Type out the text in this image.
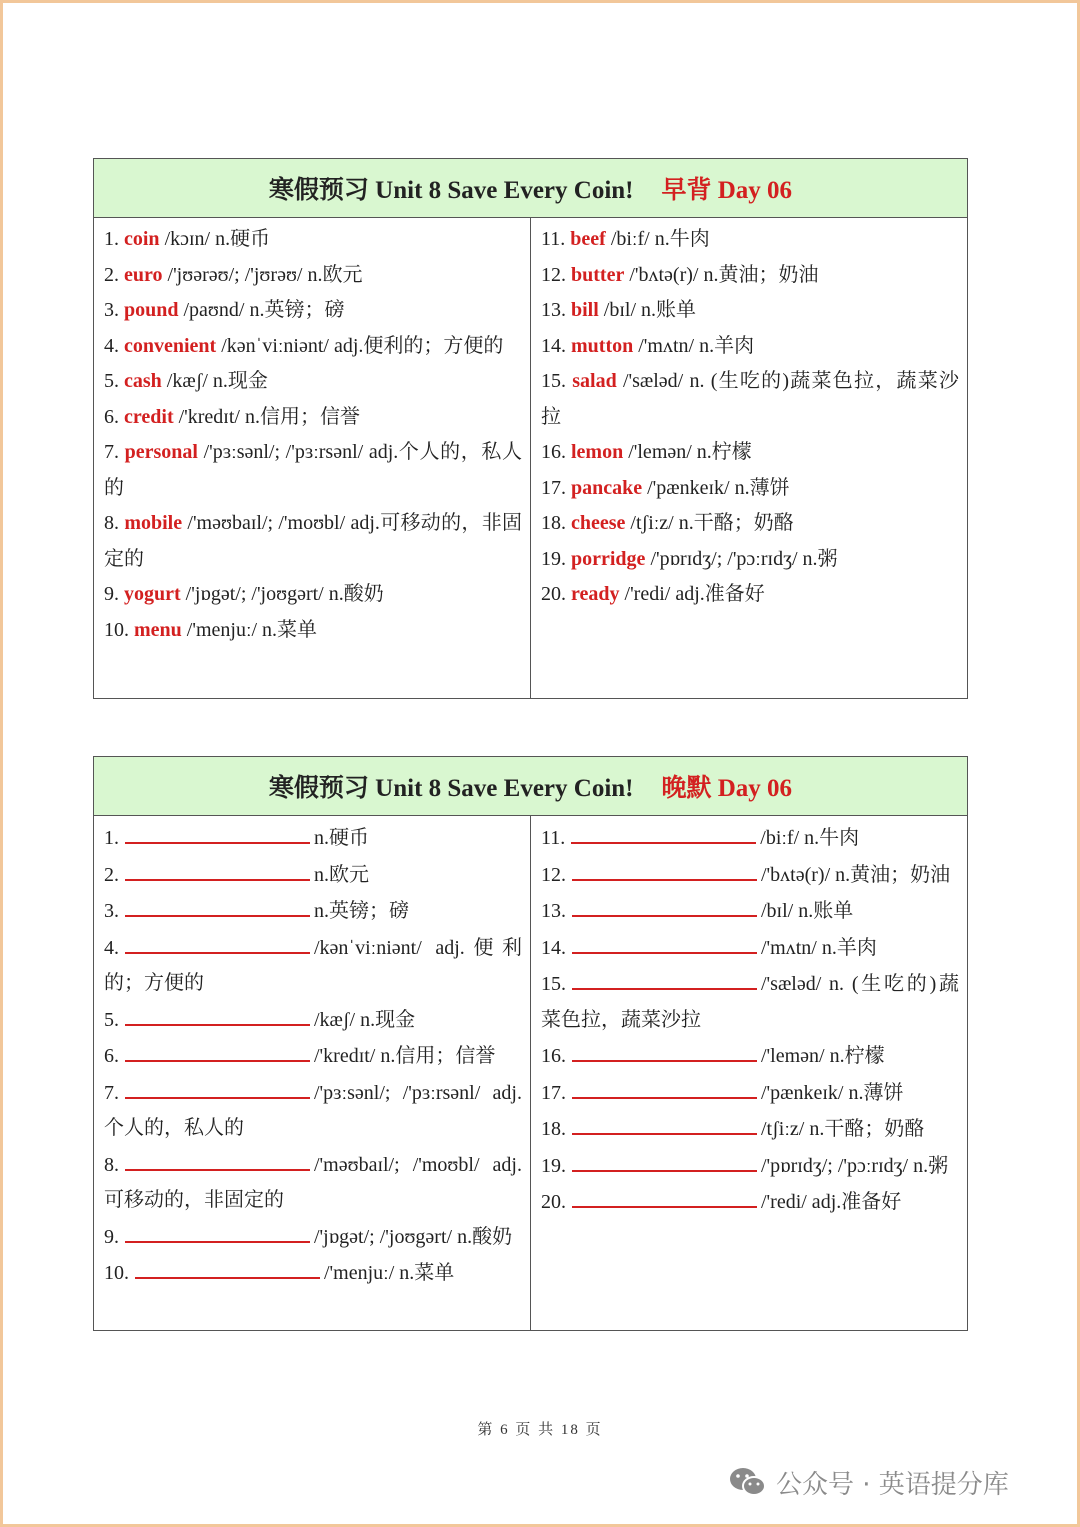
寒假预习 Unit 8 Save Every Coin! 早背 Day 06
1. coin /kɔɪn/ n.硬币
2. euro /'jʊərəʊ/; /'jʊrəʊ/ n.欧元
3. pound /paʊnd/ n.英镑；磅
4. convenient /kənˈviːniənt/ adj.便利的；方便的
5. cash /kæʃ/ n.现金
6. credit /'kredɪt/ n.信用；信誉
7. personal /'pɜːsənl/; /'pɜːrsənl/ adj.个人的，私人的
8. mobile /'məʊbaɪl/; /'moʊbl/ adj.可移动的，非固定的
9. yogurt /'jɒgət/; /'joʊgərt/ n.酸奶
10. menu /'menjuː/ n.菜单
11. beef /biːf/ n.牛肉
12. butter /'bʌtə(r)/ n.黄油；奶油
13. bill /bɪl/ n.账单
14. mutton /'mʌtn/ n.羊肉
15. salad /'sæləd/ n. (生吃的)蔬菜色拉，蔬菜沙拉
16. lemon /'lemən/ n.柠檬
17. pancake /'pænkeɪk/ n.薄饼
18. cheese /tʃiːz/ n.干酪；奶酪
19. porridge /'pɒrɪdʒ/; /'pɔːrɪdʒ/ n.粥
20. ready /'redi/ adj.准备好
寒假预习 Unit 8 Save Every Coin! 晚默 Day 06
1.	n.硬币
2.	n.欧元
3.	n.英镑；磅
4.	/kənˈviːniənt/ adj.便利的；方便的
5.	/kæʃ/ n.现金
6.	/'kredɪt/ n.信用；信誉
7.	/'pɜːsənl/; /'pɜːrsənl/ adj.个人的，私人的
8.	/'məʊbaɪl/; /'moʊbl/ adj.可移动的，非固定的
9.	/'jɒgət/; /'joʊgərt/ n.酸奶
10.	/'menjuː/ n.菜单
11.	/biːf/ n.牛肉
12.	/'bʌtə(r)/ n.黄油；奶油
13.	/bɪl/ n.账单
14.	/'mʌtn/ n.羊肉
15.	/'sæləd/ n. (生吃的)蔬菜色拉，蔬菜沙拉
16.	/'lemən/ n.柠檬
17.	/'pænkeɪk/ n.薄饼
18.	/tʃiːz/ n.干酪；奶酪
19.	/'pɒrɪdʒ/; /'pɔːrɪdʒ/ n.粥
20.	/'redi/ adj.准备好
第 6 页 共 18 页
公众号 · 英语提分库
